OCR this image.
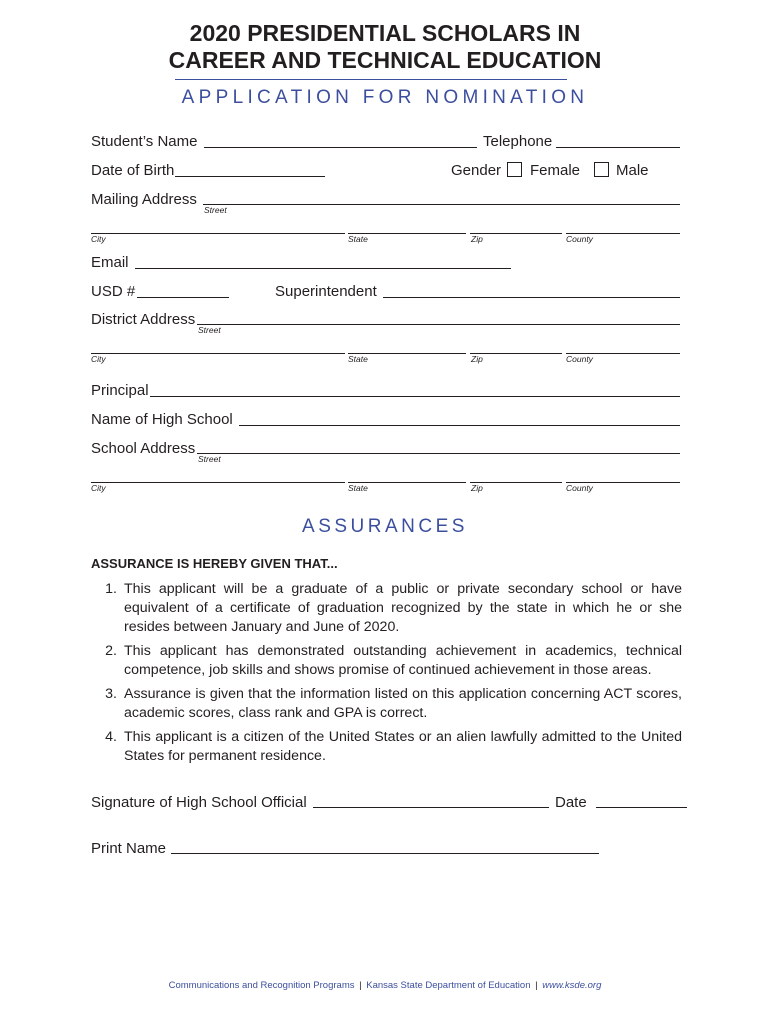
2020 PRESIDENTIAL SCHOLARS IN
CAREER AND TECHNICAL EDUCATION
APPLICATION FOR NOMINATION
Student’s Name	Telephone
Date of Birth	Gender Female Male
Mailing Address
Street
City	State	Zip	County
Email
USD #	Superintendent
District Address
Street
City	State	Zip	County
Principal
Name of High School
School Address
Street
City	State	Zip	County
ASSURANCES
ASSURANCE IS HEREBY GIVEN THAT...
1. This applicant will be a graduate of a public or private secondary school or have equivalent of a certificate of graduation recognized by the state in which he or she resides between January and June of 2020.
2. This applicant has demonstrated outstanding achievement in academics, technical competence, job skills and shows promise of continued achievement in those areas.
3. Assurance is given that the information listed on this application concerning ACT scores, academic scores, class rank and GPA is correct.
4. This applicant is a citizen of the United States or an alien lawfully admitted to the United States for permanent residence.
Signature of High School Official	Date
Print Name
Communications and Recognition Programs | Kansas State Department of Education | www.ksde.org
